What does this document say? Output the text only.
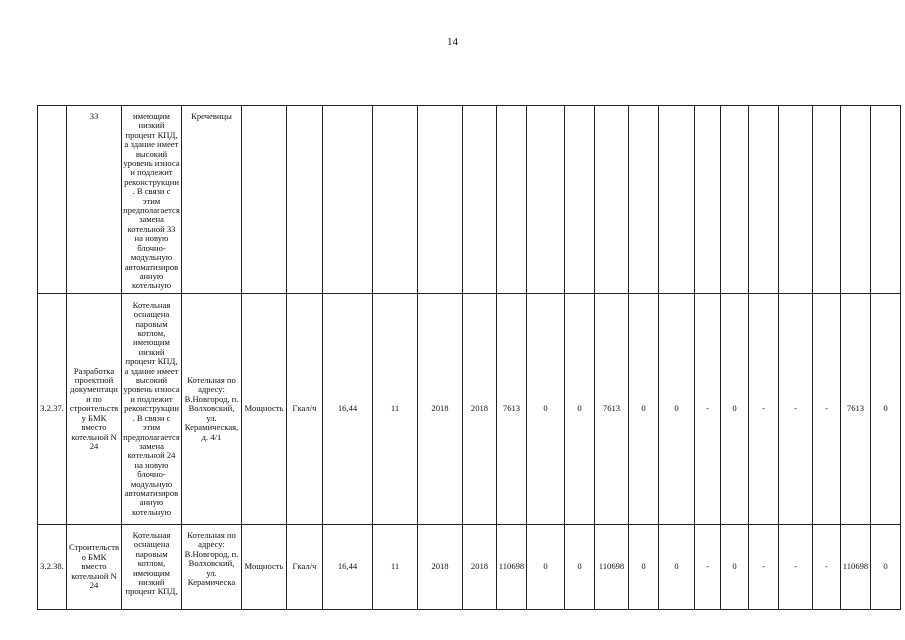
14
	33	имеющим низкий процент КПД, а здание имеет высокий уровень износа и подлежит реконструкции. В связи с этим предполагается замена котельной 33 на новую блочно-модульную автоматизированную котельную	Кречевицы																			
3.2.37.	Разработка проектной документации по строительству БМК вместо котельной N 24	Котельная оснащена паровым котлом, имеющим низкий процент КПД, а здание имеет высокий уровень износа и подлежит реконструкции. В связи с этим предполагается замена котельной 24 на новую блочно-модульную автоматизированную котельную	Котельная по адресу: В.Новгород, п. Волховский, ул. Керамическая, д. 4/1	Мощность	Гкал/ч	16,44	11	2018	2018	7613	0	0	7613	0	0	-	0	-	-	-	7613	0
3.2.38.	Строительство БМК вместо котельной N 24	Котельная оснащена паровым котлом, имеющим низкий процент КПД,	Котельная по адресу: В.Новгород, п. Волховский, ул. Керамическа	Мощность	Гкал/ч	16,44	11	2018	2018	110698	0	0	110698	0	0	-	0	-	-	-	110698	0
